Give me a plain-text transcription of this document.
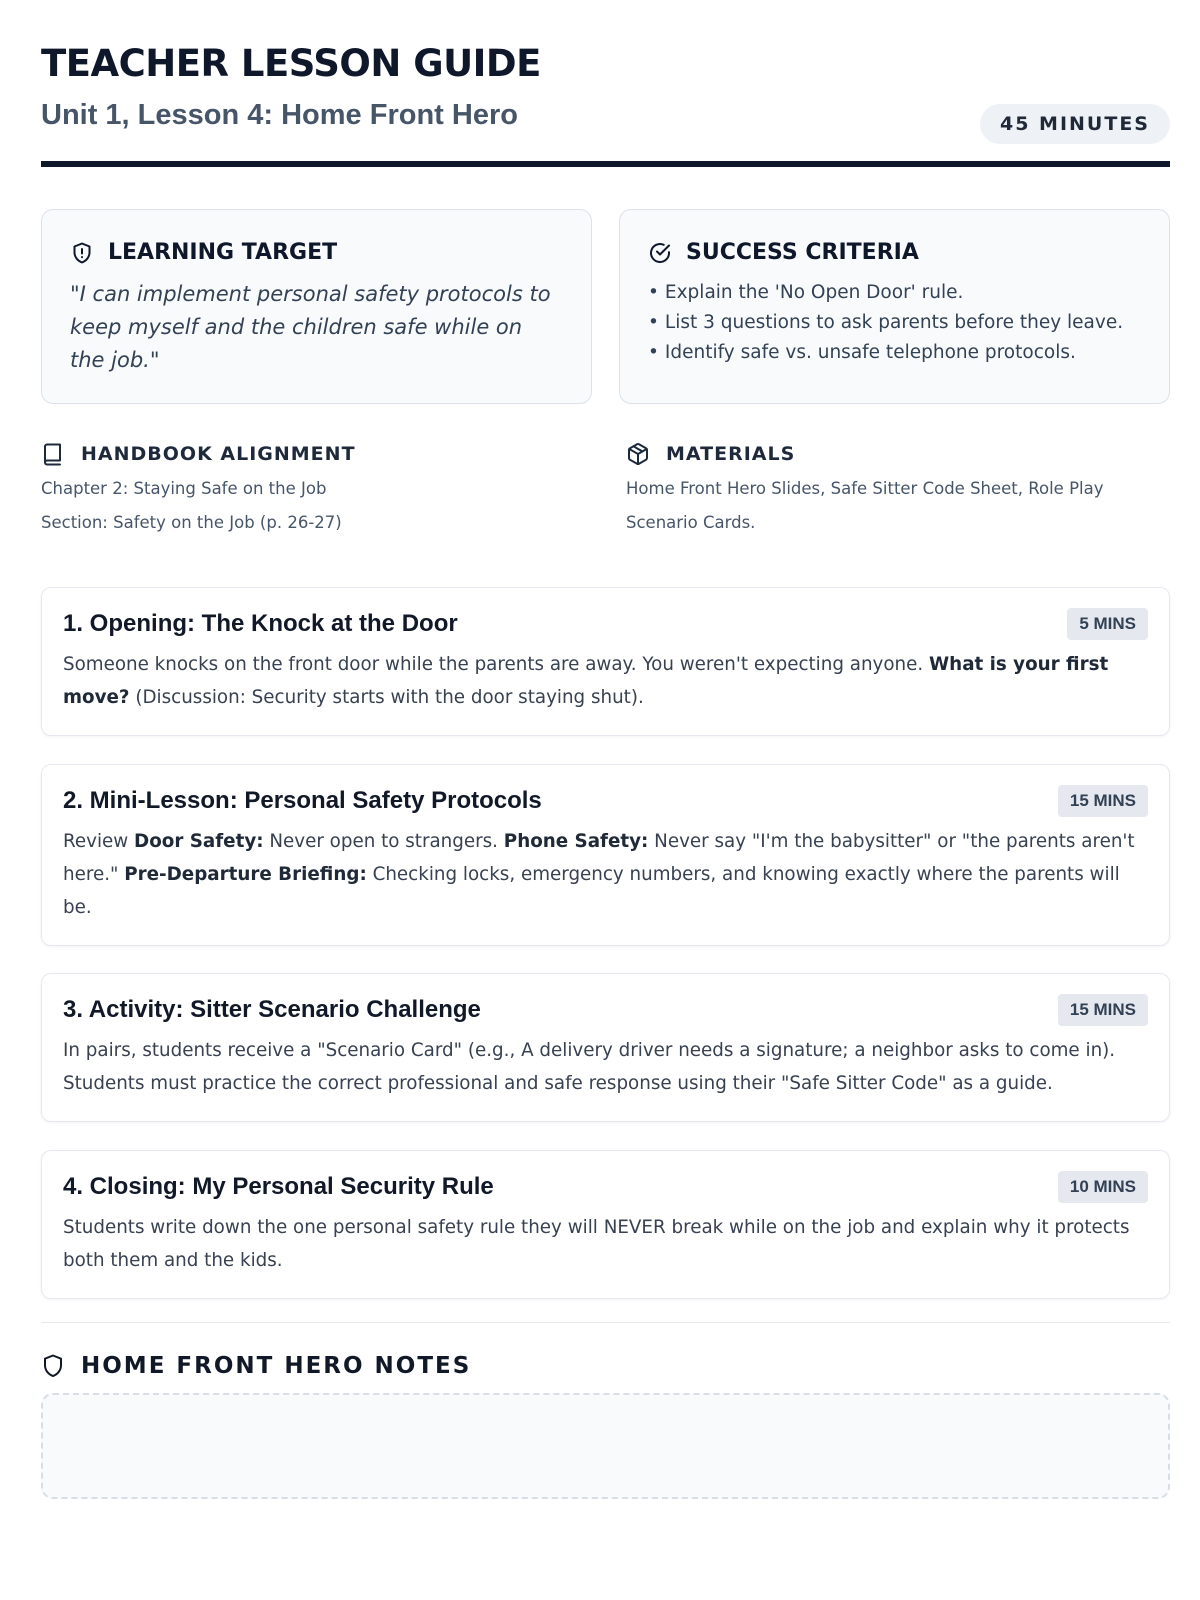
TEACHER LESSON GUIDE
Unit 1, Lesson 4: Home Front Hero	45 MINUTES
LEARNING TARGET

"I can implement personal safety protocols to keep myself and the children safe while on the job."

SUCCESS CRITERIA
• Explain the 'No Open Door' rule.
• List 3 questions to ask parents before they leave.
• Identify safe vs. unsafe telephone protocols.
HANDBOOK ALIGNMENT
Chapter 2: Staying Safe on the Job
Section: Safety on the Job (p. 26-27)
MATERIALS
Home Front Hero Slides, Safe Sitter Code Sheet, Role Play Scenario Cards.
1. Opening: The Knock at the Door	5 MINS
Someone knocks on the front door while the parents are away. You weren't expecting anyone. What is your first move? (Discussion: Security starts with the door staying shut).
2. Mini-Lesson: Personal Safety Protocols	15 MINS
Review Door Safety: Never open to strangers. Phone Safety: Never say "I'm the babysitter" or "the parents aren't here." Pre-Departure Briefing: Checking locks, emergency numbers, and knowing exactly where the parents will be.
3. Activity: Sitter Scenario Challenge	15 MINS
In pairs, students receive a "Scenario Card" (e.g., A delivery driver needs a signature; a neighbor asks to come in). Students must practice the correct professional and safe response using their "Safe Sitter Code" as a guide.
4. Closing: My Personal Security Rule	10 MINS
Students write down the one personal safety rule they will NEVER break while on the job and explain why it protects both them and the kids.
HOME FRONT HERO NOTES
